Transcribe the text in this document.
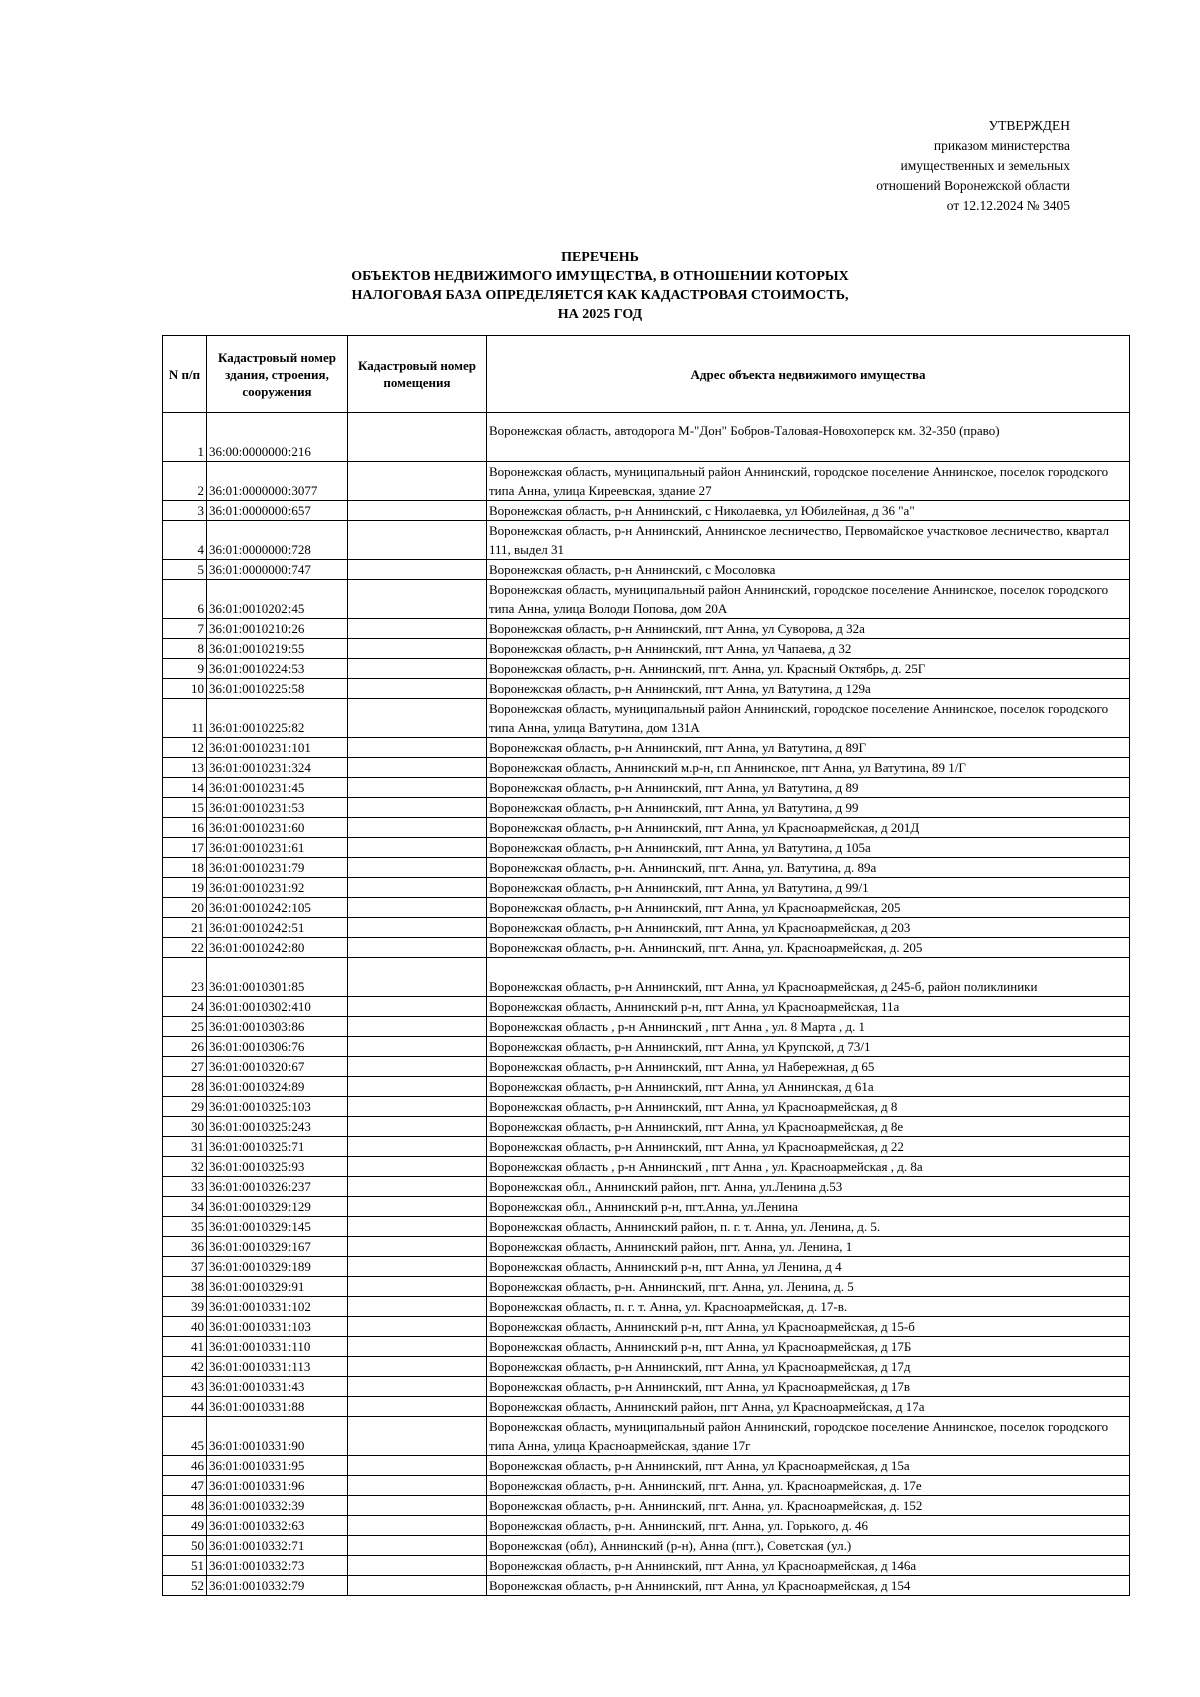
УТВЕРЖДЕН
приказом министерства
имущественных и земельных
отношений Воронежской области
от 12.12.2024 № 3405
ПЕРЕЧЕНЬ
ОБЪЕКТОВ НЕДВИЖИМОГО ИМУЩЕСТВА, В ОТНОШЕНИИ КОТОРЫХ
НАЛОГОВАЯ БАЗА ОПРЕДЕЛЯЕТСЯ КАК КАДАСТРОВАЯ СТОИМОСТЬ,
НА 2025 ГОД
N п/п	Кадастровый номер здания, строения, сооружения	Кадастровый номер помещения	Адрес объекта недвижимого имущества
1	36:00:0000000:216		Воронежская область, автодорога М-"Дон" Бобров-Таловая-Новохоперск км. 32-350 (право)
2	36:01:0000000:3077		Воронежская область, муниципальный район Аннинский, городское поселение Аннинское, поселок городского типа Анна, улица Киреевская, здание 27
3	36:01:0000000:657		Воронежская область, р-н Аннинский, с Николаевка, ул Юбилейная, д 36 "а"
4	36:01:0000000:728		Воронежская область, р-н Аннинский, Аннинское лесничество, Первомайское участковое лесничество, квартал 111, выдел 31
5	36:01:0000000:747		Воронежская область, р-н Аннинский, с Мосоловка
6	36:01:0010202:45		Воронежская область, муниципальный район Аннинский, городское поселение Аннинское, поселок городского типа Анна, улица Володи Попова, дом 20А
7	36:01:0010210:26		Воронежская область, р-н Аннинский, пгт Анна, ул Суворова, д 32а
8	36:01:0010219:55		Воронежская область, р-н Аннинский, пгт Анна, ул Чапаева, д 32
9	36:01:0010224:53		Воронежская область, р-н. Аннинский, пгт. Анна, ул. Красный Октябрь, д. 25Г
10	36:01:0010225:58		Воронежская область, р-н Аннинский, пгт Анна, ул Ватутина, д 129а
11	36:01:0010225:82		Воронежская область, муниципальный район Аннинский, городское поселение Аннинское, поселок городского типа Анна, улица Ватутина, дом 131А
12	36:01:0010231:101		Воронежская область, р-н Аннинский, пгт Анна, ул Ватутина, д 89Г
13	36:01:0010231:324		Воронежская область, Аннинский м.р-н, г.п Аннинское, пгт Анна, ул Ватутина, 89 1/Г
14	36:01:0010231:45		Воронежская область, р-н Аннинский, пгт Анна, ул Ватутина, д 89
15	36:01:0010231:53		Воронежская область, р-н Аннинский, пгт Анна, ул Ватутина, д 99
16	36:01:0010231:60		Воронежская область, р-н Аннинский, пгт Анна, ул Красноармейская, д 201Д
17	36:01:0010231:61		Воронежская область, р-н Аннинский, пгт Анна, ул Ватутина, д 105а
18	36:01:0010231:79		Воронежская область, р-н. Аннинский, пгт. Анна, ул. Ватутина, д. 89а
19	36:01:0010231:92		Воронежская область, р-н Аннинский, пгт Анна, ул Ватутина, д 99/1
20	36:01:0010242:105		Воронежская область, р-н Аннинский, пгт Анна, ул Красноармейская, 205
21	36:01:0010242:51		Воронежская область, р-н Аннинский, пгт Анна, ул Красноармейская, д 203
22	36:01:0010242:80		Воронежская область, р-н. Аннинский, пгт. Анна, ул. Красноармейская, д. 205
23	36:01:0010301:85		Воронежская область, р-н Аннинский, пгт Анна, ул Красноармейская, д 245-б, район поликлиники
24	36:01:0010302:410		Воронежская область, Аннинский р-н, пгт Анна, ул Красноармейская, 11а
25	36:01:0010303:86		Воронежская область , р-н Аннинский , пгт Анна , ул. 8 Марта , д. 1
26	36:01:0010306:76		Воронежская область, р-н Аннинский, пгт Анна, ул Крупской, д 73/1
27	36:01:0010320:67		Воронежская область, р-н Аннинский, пгт Анна, ул Набережная, д 65
28	36:01:0010324:89		Воронежская область, р-н Аннинский, пгт Анна, ул Аннинская, д 61а
29	36:01:0010325:103		Воронежская область, р-н Аннинский, пгт Анна, ул Красноармейская, д 8
30	36:01:0010325:243		Воронежская область, р-н Аннинский, пгт Анна, ул Красноармейская, д 8е
31	36:01:0010325:71		Воронежская область, р-н Аннинский, пгт Анна, ул Красноармейская, д 22
32	36:01:0010325:93		Воронежская область , р-н Аннинский , пгт Анна , ул. Красноармейская , д. 8а
33	36:01:0010326:237		Воронежская обл., Аннинский район, пгт. Анна, ул.Ленина д.53
34	36:01:0010329:129		Воронежская обл., Аннинский р-н, пгт.Анна, ул.Ленина
35	36:01:0010329:145		Воронежская область, Аннинский район, п. г. т. Анна, ул. Ленина, д. 5.
36	36:01:0010329:167		Воронежская область, Аннинский район, пгт. Анна, ул. Ленина, 1
37	36:01:0010329:189		Воронежская область, Аннинский р-н, пгт Анна, ул Ленина, д 4
38	36:01:0010329:91		Воронежская область, р-н. Аннинский, пгт. Анна, ул. Ленина, д. 5
39	36:01:0010331:102		Воронежская область, п. г. т. Анна, ул. Красноармейская, д. 17-в.
40	36:01:0010331:103		Воронежская область, Аннинский р-н, пгт Анна, ул Красноармейская, д 15-б
41	36:01:0010331:110		Воронежская область, Аннинский р-н, пгт Анна, ул Красноармейская, д 17Б
42	36:01:0010331:113		Воронежская область, р-н Аннинский, пгт Анна, ул Красноармейская, д 17д
43	36:01:0010331:43		Воронежская область, р-н Аннинский, пгт Анна, ул Красноармейская, д 17в
44	36:01:0010331:88		Воронежская область, Аннинский район, пгт Анна, ул Красноармейская, д 17а
45	36:01:0010331:90		Воронежская область, муниципальный район Аннинский, городское поселение Аннинское, поселок городского типа Анна, улица Красноармейская, здание 17г
46	36:01:0010331:95		Воронежская область, р-н Аннинский, пгт Анна, ул Красноармейская, д 15а
47	36:01:0010331:96		Воронежская область, р-н. Аннинский, пгт. Анна, ул. Красноармейская, д. 17е
48	36:01:0010332:39		Воронежская область, р-н. Аннинский, пгт. Анна, ул. Красноармейская, д. 152
49	36:01:0010332:63		Воронежская область, р-н. Аннинский, пгт. Анна, ул. Горького, д. 46
50	36:01:0010332:71		Воронежская (обл), Аннинский (р-н), Анна (пгт.), Советская (ул.)
51	36:01:0010332:73		Воронежская область, р-н Аннинский, пгт Анна, ул Красноармейская, д 146а
52	36:01:0010332:79		Воронежская область, р-н Аннинский, пгт Анна, ул Красноармейская, д 154
